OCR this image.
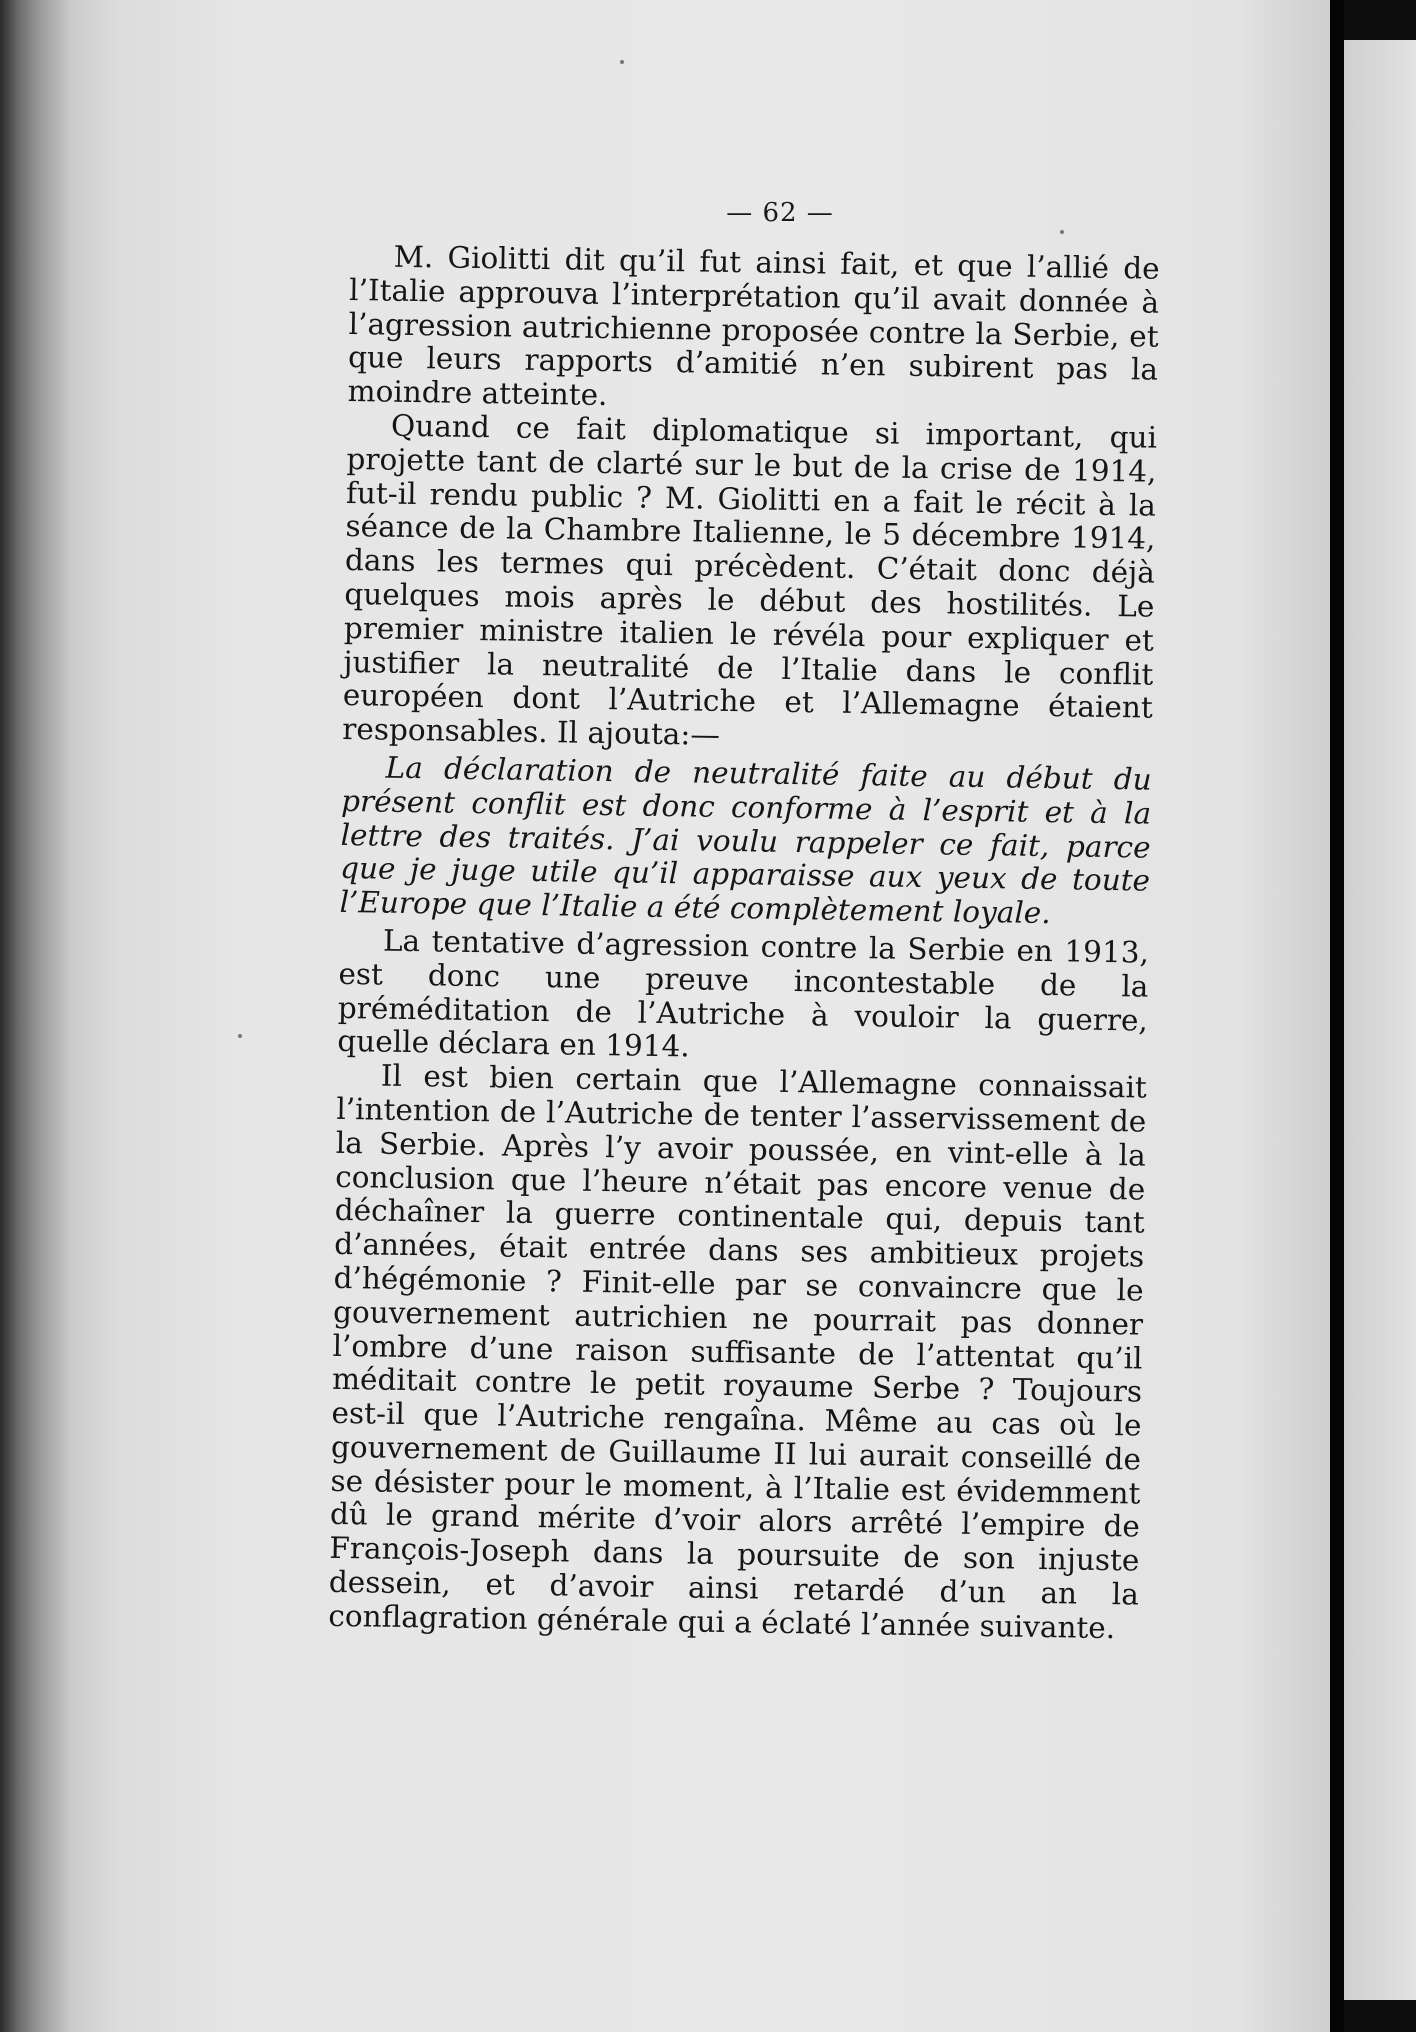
— 62 —

M. Giolitti dit qu’il fut ainsi fait, et que l’allié de l’Italie approuva l’interprétation qu’il avait donnée à l’agression autrichienne proposée contre la Serbie, et que leurs rapports d’amitié n’en subirent pas la moindre atteinte.

Quand ce fait diplomatique si important, qui projette tant de clarté sur le but de la crise de 1914, fut-il rendu public ? M. Giolitti en a fait le récit à la séance de la Chambre Italienne, le 5 décembre 1914, dans les termes qui précèdent. C’était donc déjà quelques mois après le début des hostilités. Le premier ministre italien le révéla pour expliquer et justifier la neutralité de l’Italie dans le conflit européen dont l’Autriche et l’Allemagne étaient responsables. Il ajouta:—

La déclaration de neutralité faite au début du présent conflit est donc conforme à l’esprit et à la lettre des traités. J’ai voulu rappeler ce fait, parce que je juge utile qu’il apparaisse aux yeux de toute l’Europe que l’Italie a été complètement loyale.

La tentative d’agression contre la Serbie en 1913, est donc une preuve incontestable de la préméditation de l’Autriche à vouloir la guerre, quelle déclara en 1914.

Il est bien certain que l’Allemagne connaissait l’intention de l’Autriche de tenter l’asservissement de la Serbie. Après l’y avoir poussée, en vint-elle à la conclusion que l’heure n’était pas encore venue de déchaîner la guerre continentale qui, depuis tant d’années, était entrée dans ses ambitieux projets d’hégémonie ? Finit-elle par se convaincre que le gouvernement autrichien ne pourrait pas donner l’ombre d’une raison suffisante de l’attentat qu’il méditait contre le petit royaume Serbe ? Toujours est-il que l’Autriche rengaîna. Même au cas où le gouvernement de Guillaume II lui aurait conseillé de se désister pour le moment, à l’Italie est évidemment dû le grand mérite d’voir alors arrêté l’empire de François-Joseph dans la poursuite de son injuste dessein, et d’avoir ainsi retardé d’un an la conflagration générale qui a éclaté l’année suivante.
